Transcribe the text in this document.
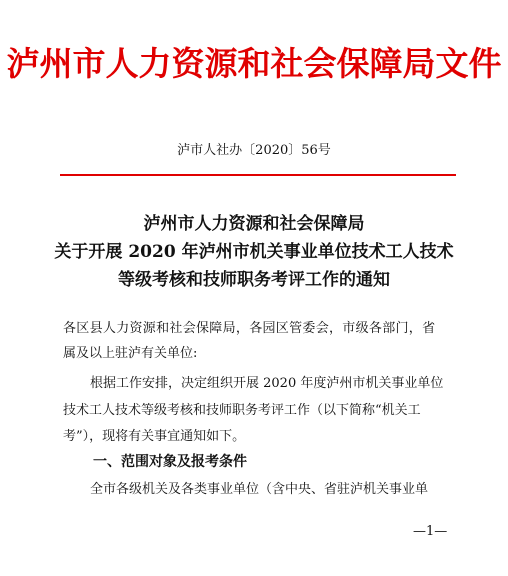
泸州市人力资源和社会保障局文件
泸市人社办〔2020〕56号
泸州市人力资源和社会保障局
关于开展 2020 年泸州市机关事业单位技术工人技术
等级考核和技师职务考评工作的通知
各区县人力资源和社会保障局，各园区管委会，市级各部门，省
属及以上驻泸有关单位:
根据工作安排，决定组织开展 2020 年度泸州市机关事业单位
技术工人技术等级考核和技师职务考评工作（以下简称“机关工
考”），现将有关事宜通知如下。
一、范围对象及报考条件
全市各级机关及各类事业单位（含中央、省驻泸机关事业单
—1—
